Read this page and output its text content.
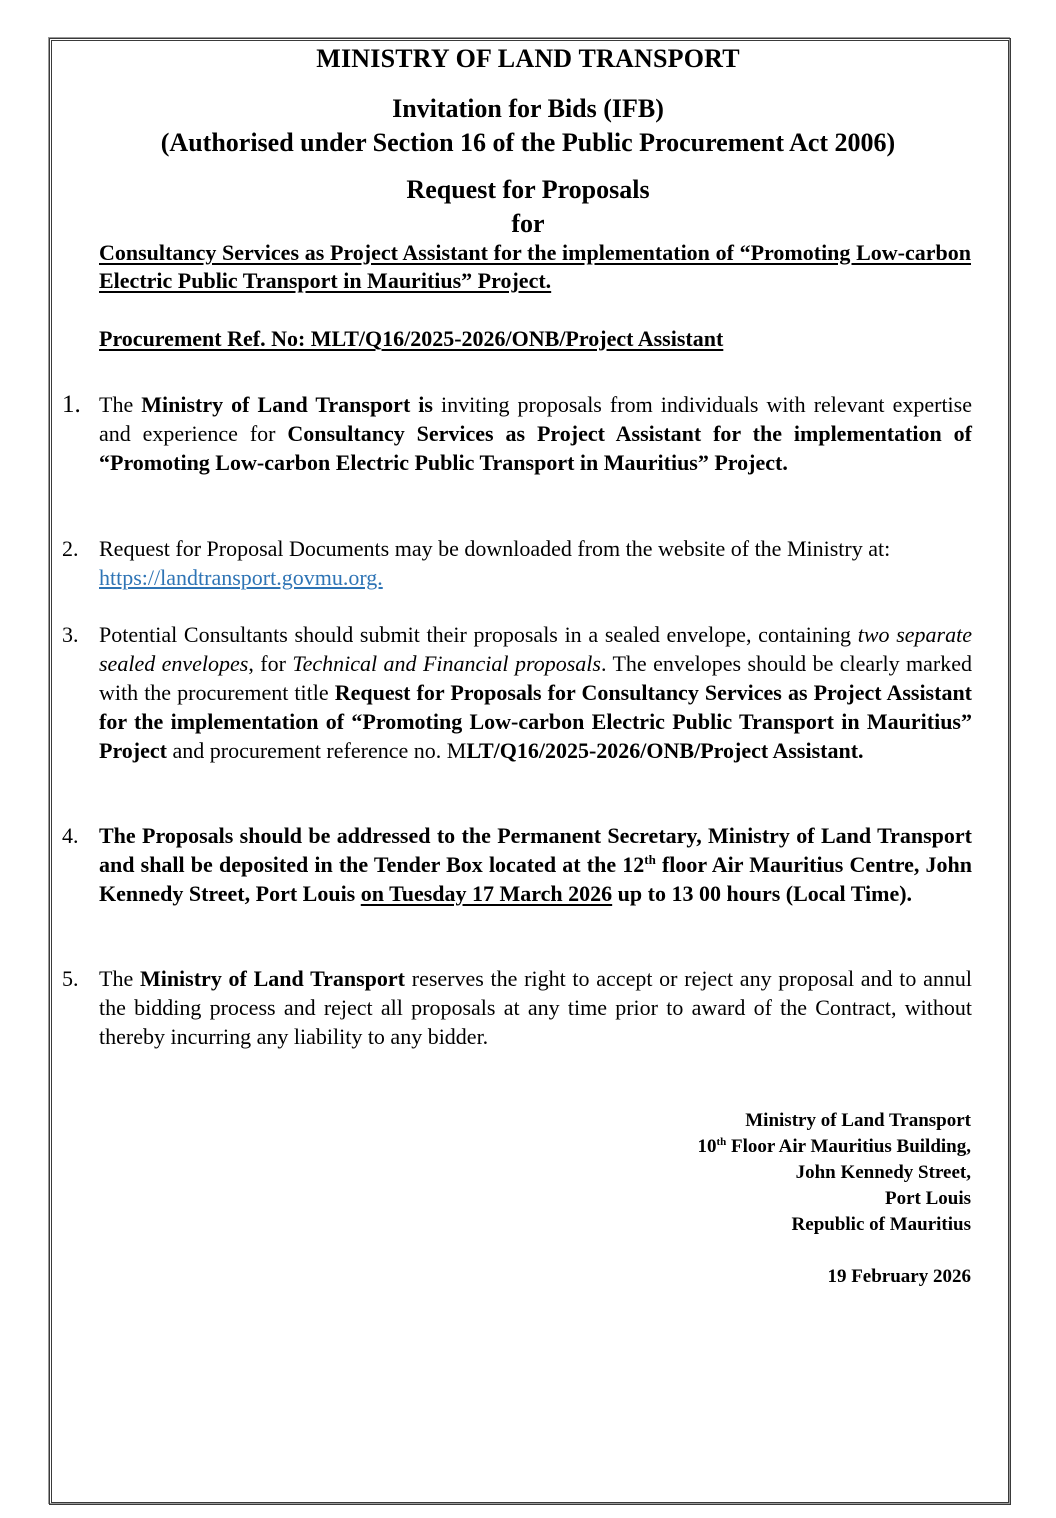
MINISTRY OF LAND TRANSPORT
Invitation for Bids (IFB)
(Authorised under Section 16 of the Public Procurement Act 2006)
Request for Proposals
for
Consultancy Services as Project Assistant for the implementation of “Promoting Low-carbon Electric Public Transport in Mauritius” Project.
Procurement Ref. No: MLT/Q16/2025-2026/ONB/Project Assistant
1. The Ministry of Land Transport is inviting proposals from individuals with relevant expertise and experience for Consultancy Services as Project Assistant for the implementation of “Promoting Low-carbon Electric Public Transport in Mauritius” Project.
2. Request for Proposal Documents may be downloaded from the website of the Ministry at:
https://landtransport.govmu.org.
3. Potential Consultants should submit their proposals in a sealed envelope, containing two separate sealed envelopes, for Technical and Financial proposals. The envelopes should be clearly marked with the procurement title Request for Proposals for Consultancy Services as Project Assistant for the implementation of “Promoting Low-carbon Electric Public Transport in Mauritius” Project and procurement reference no. MLT/Q16/2025-2026/ONB/Project Assistant.
4. The Proposals should be addressed to the Permanent Secretary, Ministry of Land Transport and shall be deposited in the Tender Box located at the 12th floor Air Mauritius Centre, John Kennedy Street, Port Louis on Tuesday 17 March 2026 up to 13 00 hours (Local Time).
5. The Ministry of Land Transport reserves the right to accept or reject any proposal and to annul the bidding process and reject all proposals at any time prior to award of the Contract, without thereby incurring any liability to any bidder.
Ministry of Land Transport
10th Floor Air Mauritius Building,
John Kennedy Street,
Port Louis
Republic of Mauritius
19 February 2026
